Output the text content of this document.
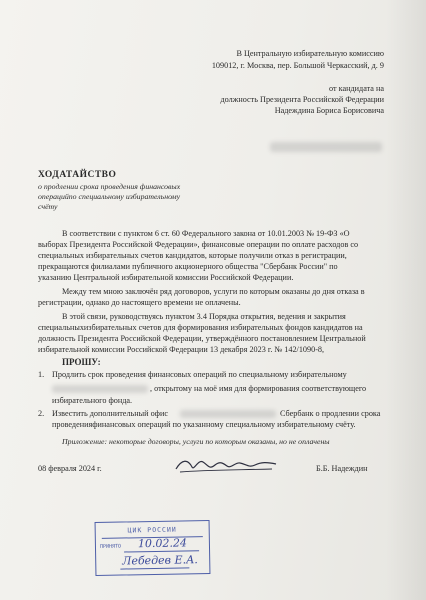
В Центральную избирательную комиссию
109012, г. Москва, пер. Большой Черкасский, д. 9
от кандидата на
должность Президента Российской Федерации
Надеждина Бориса Борисовича
ХОДАТАЙСТВО
о продлении срока проведения финансовых
операцийпо специальному избирательному
счёту
В соответствии с пунктом 6 ст. 60 Федерального закона от 10.01.2003 № 19-ФЗ «О
выборах Президента Российской Федерации», финансовые операции по оплате расходов со
специальных избирательных счетов кандидатов, которые получили отказ в регистрации,
прекращаются филиалами публичного акционерного общества "Сбербанк России" по
указанию Центральной избирательной комиссии Российской Федерации.
Между тем мною заключён ряд договоров, услуги по которым оказаны до дня отказа в
регистрации, однако до настоящего времени не оплачены.
В этой связи, руководствуясь пунктом 3.4 Порядка открытия, ведения и закрытия
специальныхизбирательных счетов для формирования избирательных фондов кандидатов на
должность Президента Российской Федерации, утверждённого постановлением Центральной
избирательной комиссии Российской Федерации 13 декабря 2023 г. № 142/1090-8,
ПРОШУ:
1. Продлить срок проведения финансовых операций по специальному избирательному
, открытому на моё имя для формирования соответствующего
избирательного фонда.
2. Известить дополнительный офис	Сбербанк о продлении срока
проведенияфинансовых операций по указанному специальному избирательному счёту.
Приложение: некоторые договоры, услуги по которым оказаны, но не оплачены
08 февраля 2024 г.	Б.Б. Надеждин
ЦИК РОССИИ
ПРИНЯТО 10.02.24
Лебедев Е.А.
